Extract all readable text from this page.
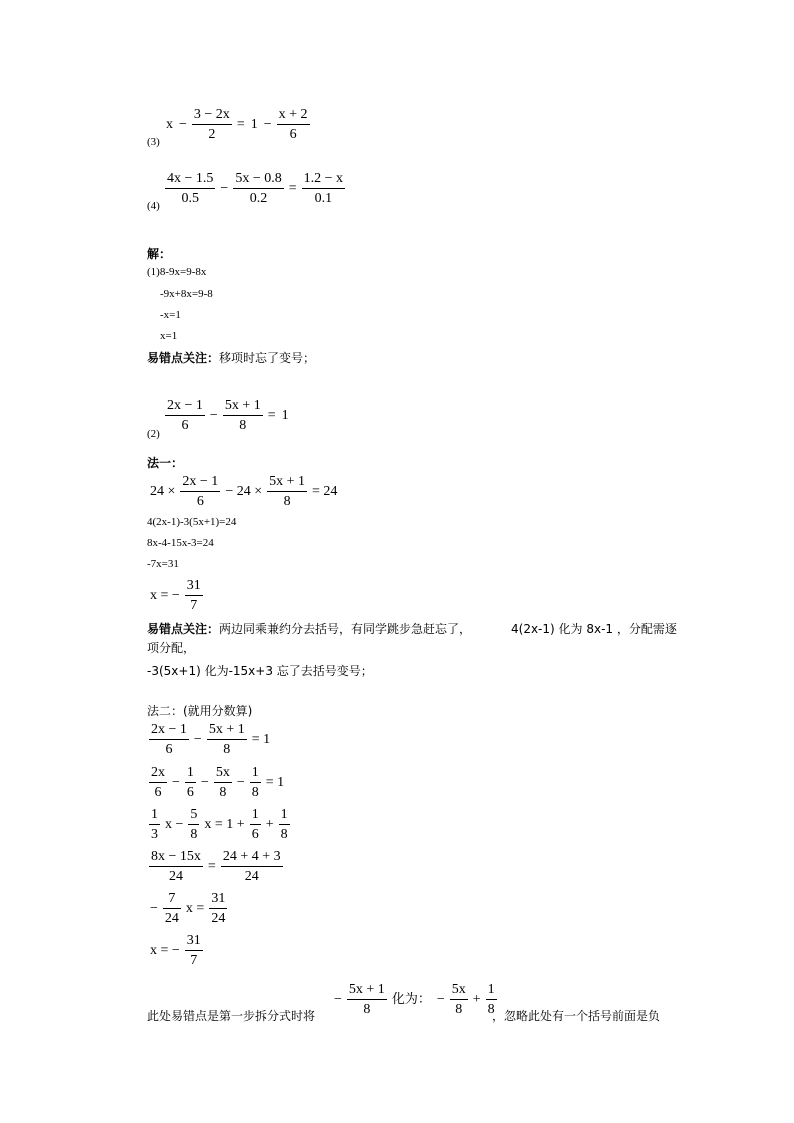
(3)
$x - \frac{3 - 2x}{2} = 1 - \frac{x + 2}{6}$
$(4) \frac{4x - 1.5}{0.5} - \frac{5x - 0.8}{0.2} = \frac{1.2 - x}{0.1}$
解：
(1)8-9x=9-8x
-9x+8x=9-8
-x=1
x=1
易错点关注：移项时忘了变号；
$(2) \frac{2x - 1}{6} - \frac{5x + 1}{8} = 1$
法一：
$24 \times \frac{2x - 1}{6} - 24 \times \frac{5x + 1}{8} = 24$
4(2x-1)-3(5x+1)=24
8x-4-15x-3=24
-7x=31
x = − $\frac{31}{7}$
易错点关注：两边同乘兼约分去括号，有同学跳步急赶忘了，	4(2x-1) 化为 8x-1 ，分配需逐
项分配，
-3(5x+1) 化为-15x+3 忘了去括号变号；
法二：(就用分数算)
$\frac{2x - 1}{6} - \frac{5x + 1}{8} = 1$
$\frac{2x}{6} - \frac{1}{6} - \frac{5x}{8} - \frac{1}{8} = 1$
$\frac{1}{3}$ $x - \frac{5}{8}$ $x = 1 + \frac{1}{6} + \frac{1}{8}$
$\frac{8x - 15x}{24} = \frac{24 + 4 + 3}{24}$
− $\frac{7}{24}$ $x = \frac{31}{24}$
x = − $\frac{31}{7}$
此处易错点是第一步拆分式时将
− $\frac{5x + 1}{8}$ 化为： − $\frac{5x}{8} + \frac{1}{8}$
，忽略此处有一个括号前面是负
